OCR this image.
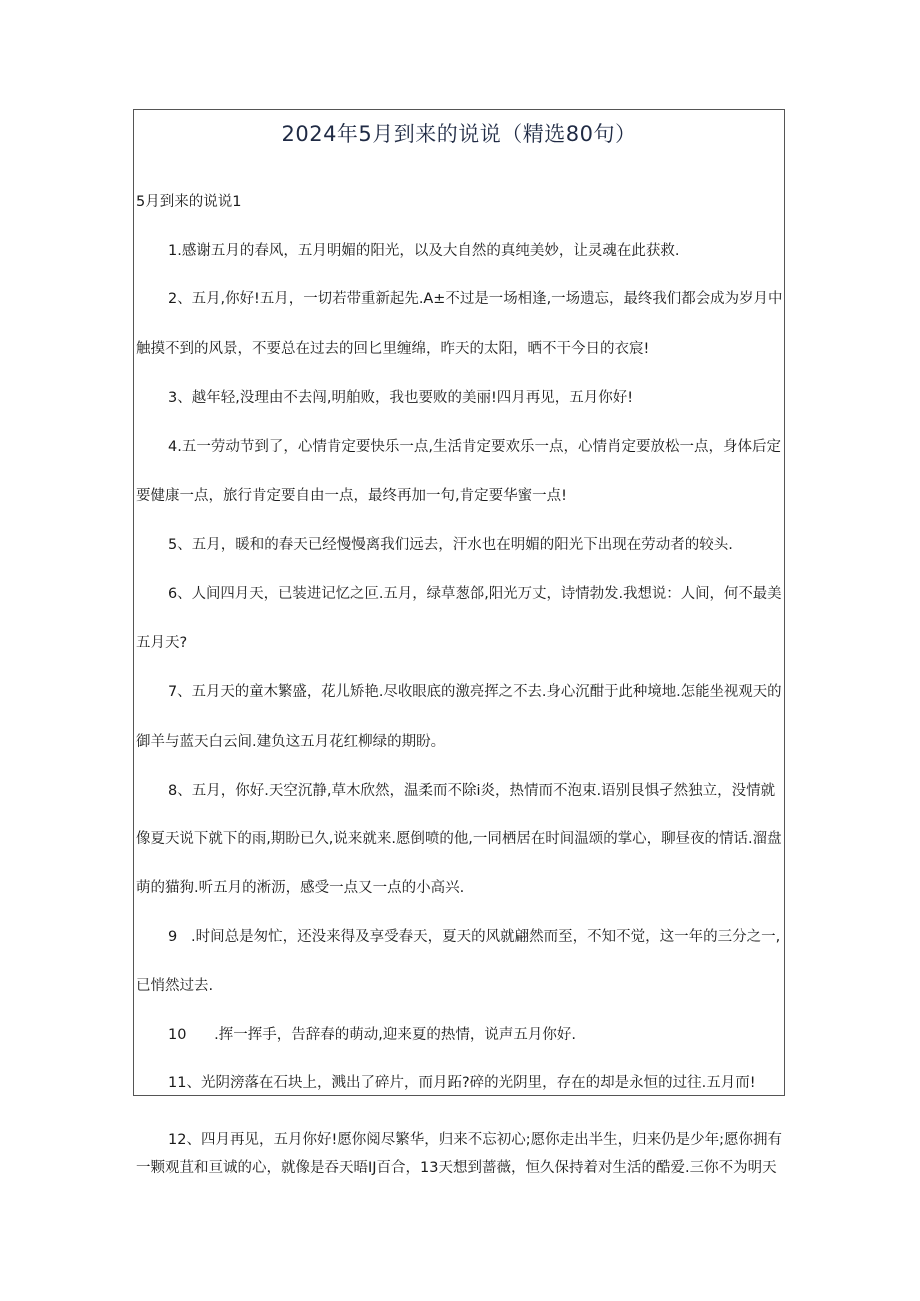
2024年5月到来的说说（精选80句）
5月到来的说说1
1.感谢五月的春风，五月明媚的阳光，以及大自然的真纯美妙，让灵魂在此获救.
2、五月,你好!五月，一切若带重新起先.A±不过是一场相逢,一场遗忘，最终我们都会成为岁月中
触摸不到的风景，不要总在过去的回匕里缠绵，昨天的太阳，晒不干今日的衣宸!
3、越年轻,没理由不去闯,明舶败，我也要败的美丽!四月再见，五月你好!
4.五一劳动节到了，心情肯定要快乐一点,生活肯定要欢乐一点，心情肖定要放松一点，身体后定
要健康一点，旅行肯定要自由一点，最终再加一句,肯定要华蜜一点!
5、五月，暖和的春天已经慢慢离我们远去，汗水也在明媚的阳光下出现在劳动者的较头.
6、人间四月天，已装进记忆之叵.五月，绿草葱郃,阳光万丈，诗情勃发.我想说：人间，何不最美
五月天?
7、五月天的童木繁盛，花儿矫艳.尽收眼底的激亮挥之不去.身心沉酣于此种境地.怎能坐视观天的
御羊与蓝天白云间.建负这五月花红柳绿的期盼。
8、五月，你好.天空沉静,草木欣然，温柔而不除i炎，热情而不泡束.语别艮惧孑然独立，没情就
像夏天说下就下的雨,期盼已久,说来就来.愿倒喷的他,一同栖居在时间温颂的掌心，聊昼夜的情话.溜盘
萌的猫狗.听五月的淅沥，感受一点又一点的小高兴.
9   .时间总是匆忙，还没来得及享受春天，夏天的风就翩然而至，不知不觉，这一年的三分之一,
已悄然过去.
10      .挥一挥手，告辞春的萌动,迎来夏的热情，说声五月你好.
11、光阴滂落在石块上，溅出了碎片，而月跖?碎的光阴里，存在的却是永恒的过往.五月而!
12、四月再见，五月你好!愿你阅尽繁华，归来不忘初心;愿你走出半生，归来仍是少年;愿你拥有
一颗观苴和亘诚的心，就像是吞天晤IJ百合，13天想到蔷薇，恒久保持着对生活的酷爱.三你不为明天
